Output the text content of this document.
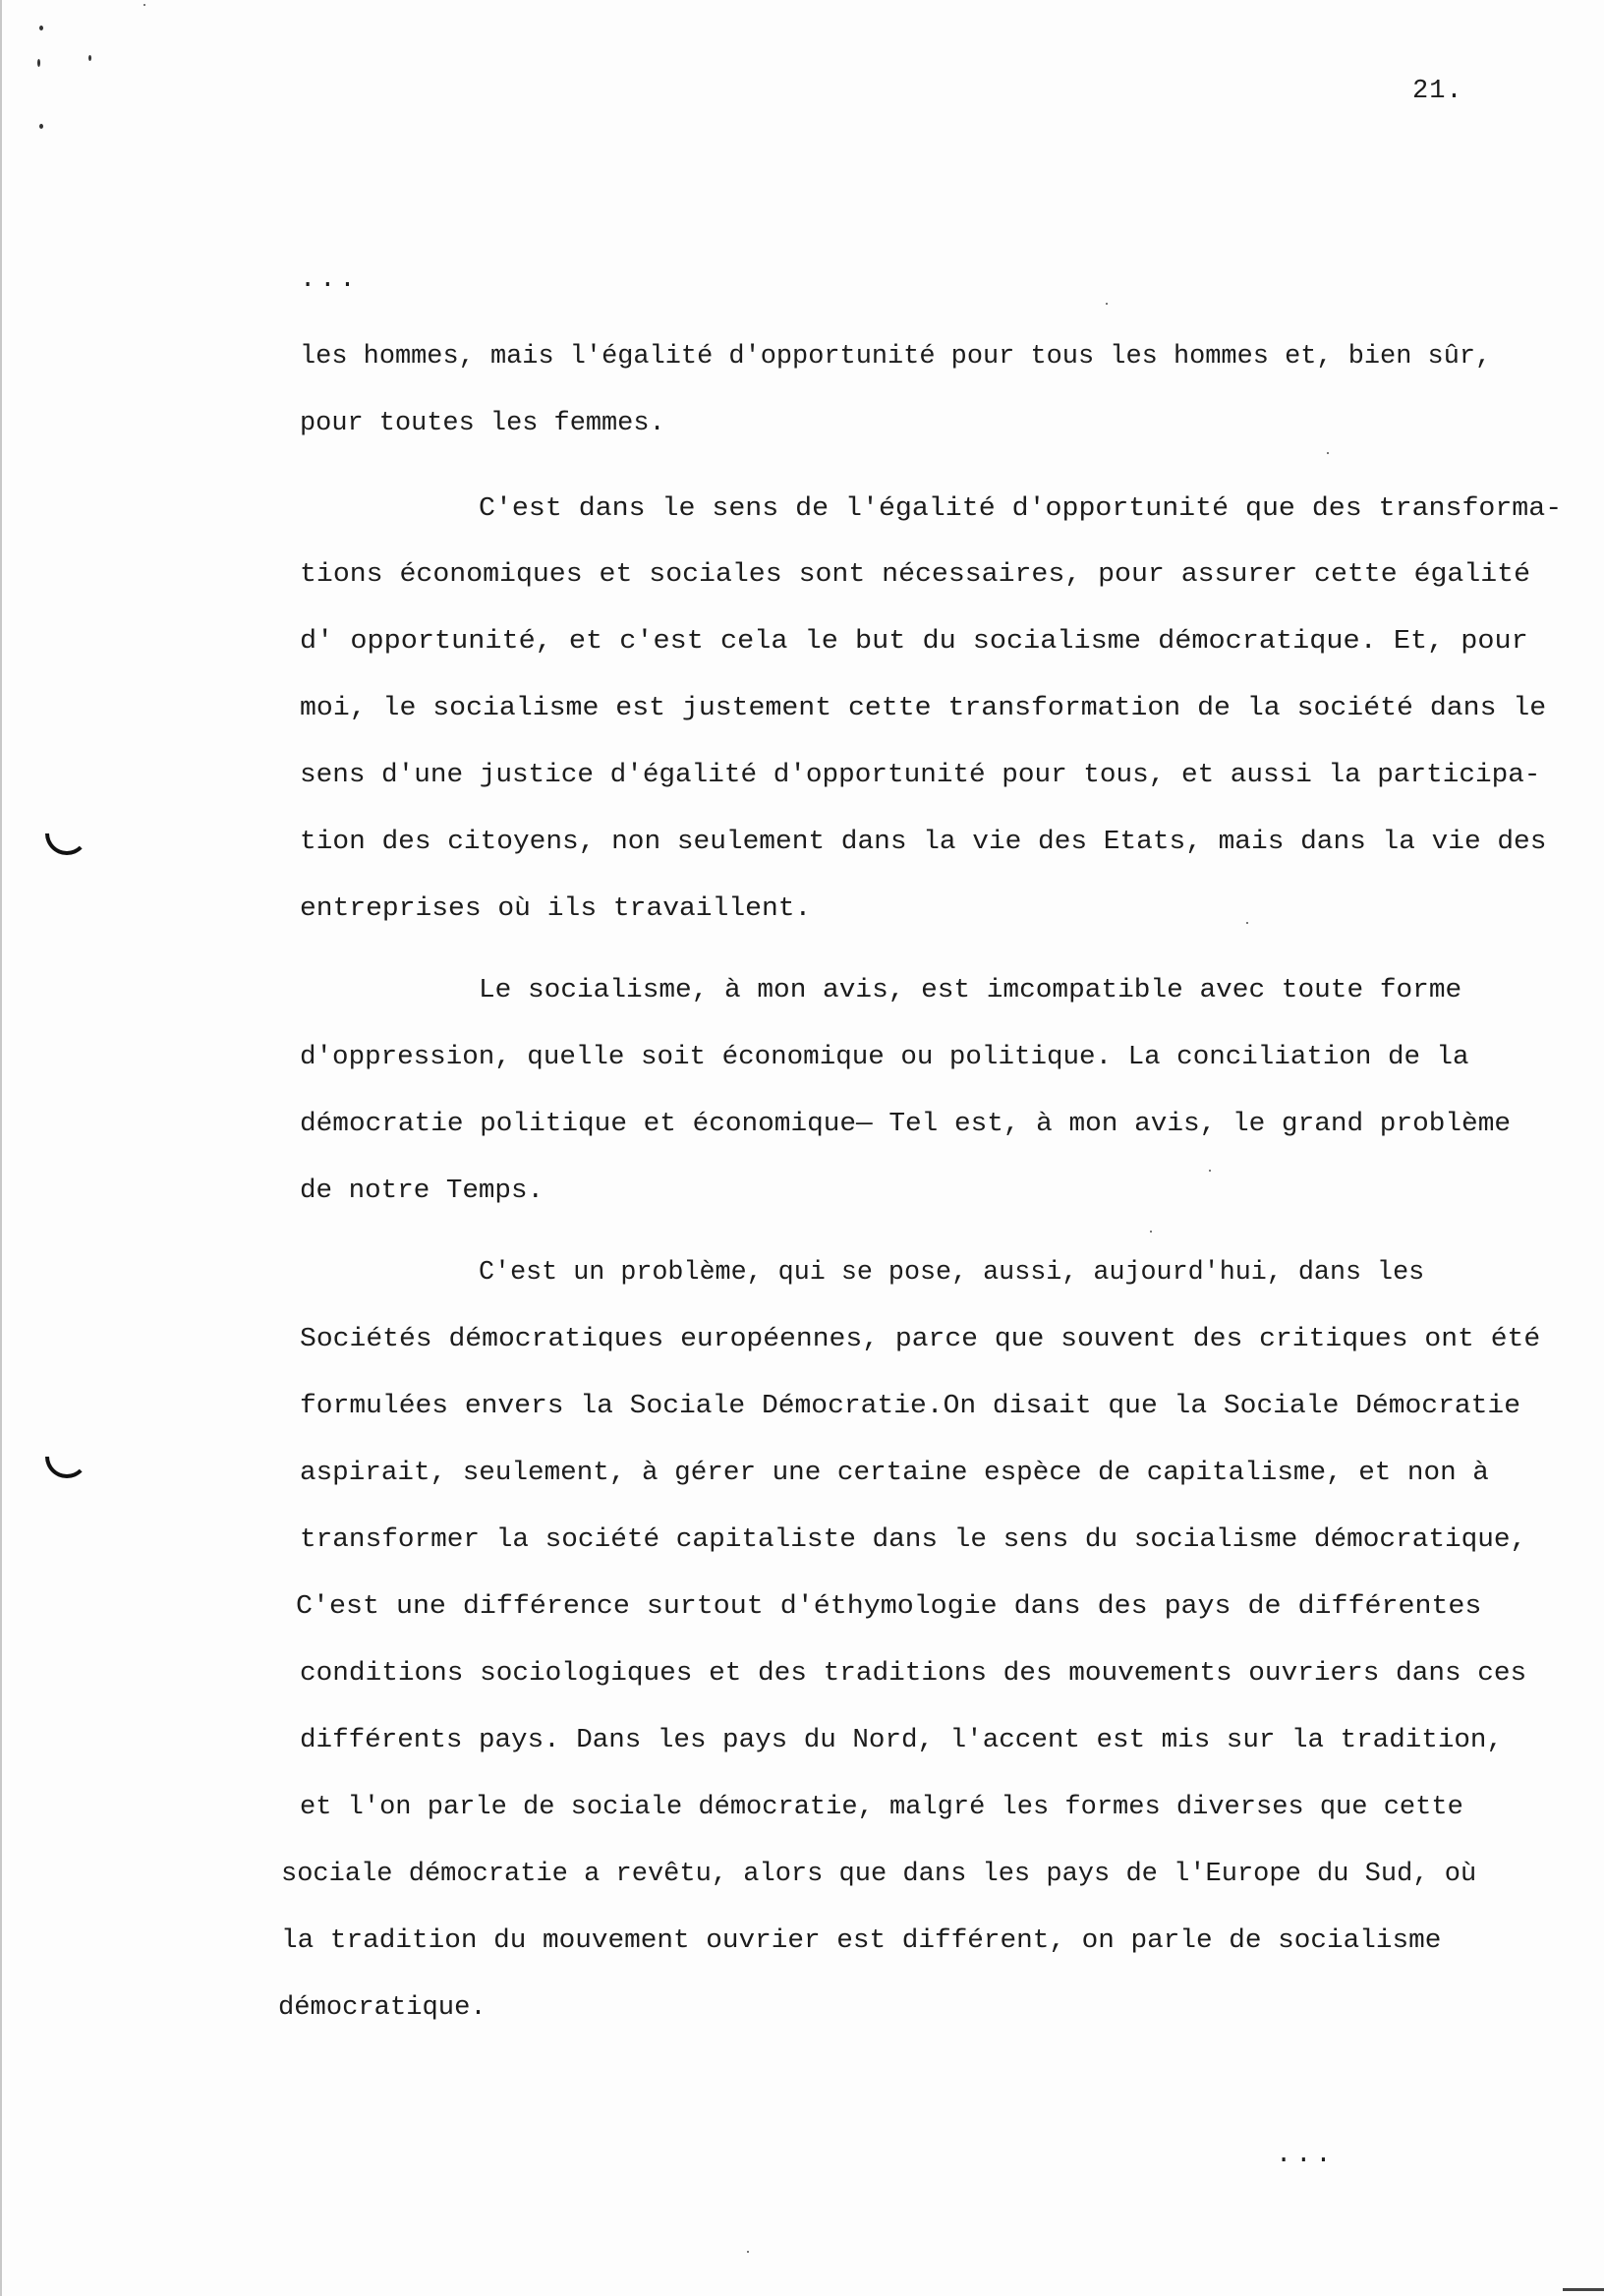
21.
...
les hommes, mais l'égalité d'opportunité pour tous les hommes et, bien sûr,
pour toutes les femmes.
C'est dans le sens de l'égalité d'opportunité que des transforma-
tions économiques et sociales sont nécessaires, pour assurer cette égalité
d' opportunité, et c'est cela le but du socialisme démocratique. Et, pour
moi, le socialisme est justement cette transformation de la société dans le
sens d'une justice d'égalité d'opportunité pour tous, et aussi la participa-
tion des citoyens, non seulement dans la vie des Etats, mais dans la vie des
entreprises où ils travaillent.
Le socialisme, à mon avis, est imcompatible avec toute forme
d'oppression, quelle soit économique ou politique. La conciliation de la
démocratie politique et économique— Tel est, à mon avis, le grand problème
de notre Temps.
C'est un problème, qui se pose, aussi, aujourd'hui, dans les
Sociétés démocratiques européennes, parce que souvent des critiques ont été
formulées envers la Sociale Démocratie.On disait que la Sociale Démocratie
aspirait, seulement, à gérer une certaine espèce de capitalisme, et non à
transformer la société capitaliste dans le sens du socialisme démocratique,
C'est une différence surtout d'éthymologie dans des pays de différentes
conditions sociologiques et des traditions des mouvements ouvriers dans ces
différents pays. Dans les pays du Nord, l'accent est mis sur la tradition,
et l'on parle de sociale démocratie, malgré les formes diverses que cette
sociale démocratie a revêtu, alors que dans les pays de l'Europe du Sud, où
la tradition du mouvement ouvrier est différent, on parle de socialisme
démocratique.
...
